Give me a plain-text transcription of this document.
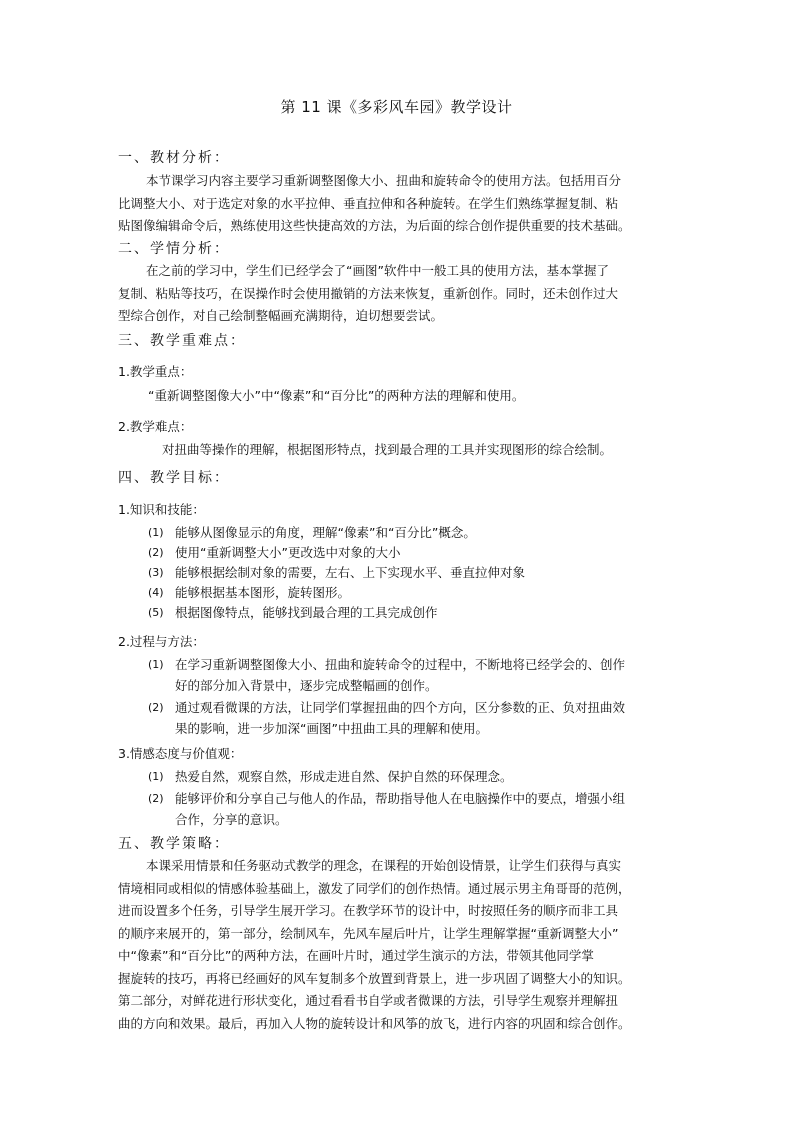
第 11 课《多彩风车园》教学设计
一、教材分析：
本节课学习内容主要学习重新调整图像大小、扭曲和旋转命令的使用方法。包括用百分
比调整大小、对于选定对象的水平拉伸、垂直拉伸和各种旋转。在学生们熟练掌握复制、粘
贴图像编辑命令后，熟练使用这些快捷高效的方法，为后面的综合创作提供重要的技术基础。
二、学情分析：
在之前的学习中，学生们已经学会了“画图”软件中一般工具的使用方法，基本掌握了
复制、粘贴等技巧，在误操作时会使用撤销的方法来恢复，重新创作。同时，还未创作过大
型综合创作，对自己绘制整幅画充满期待，迫切想要尝试。
三、教学重难点：
1.教学重点：
“重新调整图像大小”中“像素”和“百分比”的两种方法的理解和使用。
2.教学难点：
对扭曲等操作的理解，根据图形特点，找到最合理的工具并实现图形的综合绘制。
四、教学目标：
1.知识和技能：
(1) 能够从图像显示的角度，理解“像素”和“百分比”概念。
(2) 使用“重新调整大小”更改选中对象的大小
(3) 能够根据绘制对象的需要，左右、上下实现水平、垂直拉伸对象
(4) 能够根据基本图形，旋转图形。
(5) 根据图像特点，能够找到最合理的工具完成创作
2.过程与方法：
(1) 在学习重新调整图像大小、扭曲和旋转命令的过程中，不断地将已经学会的、创作
好的部分加入背景中，逐步完成整幅画的创作。
(2) 通过观看微课的方法，让同学们掌握扭曲的四个方向，区分参数的正、负对扭曲效
果的影响，进一步加深“画图”中扭曲工具的理解和使用。
3.情感态度与价值观：
(1) 热爱自然，观察自然，形成走进自然、保护自然的环保理念。
(2) 能够评价和分享自己与他人的作品，帮助指导他人在电脑操作中的要点，增强小组
合作，分享的意识。
五、教学策略：
本课采用情景和任务驱动式教学的理念，在课程的开始创设情景，让学生们获得与真实
情境相同或相似的情感体验基础上，激发了同学们的创作热情。通过展示男主角哥哥的范例，
进而设置多个任务，引导学生展开学习。在教学环节的设计中，时按照任务的顺序而非工具
的顺序来展开的，第一部分，绘制风车，先风车屋后叶片，让学生理解掌握“重新调整大小”
中“像素”和“百分比”的两种方法，在画叶片时，通过学生演示的方法，带领其他同学掌
握旋转的技巧，再将已经画好的风车复制多个放置到背景上，进一步巩固了调整大小的知识。
第二部分，对鲜花进行形状变化，通过看看书自学或者微课的方法，引导学生观察并理解扭
曲的方向和效果。最后，再加入人物的旋转设计和风筝的放飞，进行内容的巩固和综合创作。
